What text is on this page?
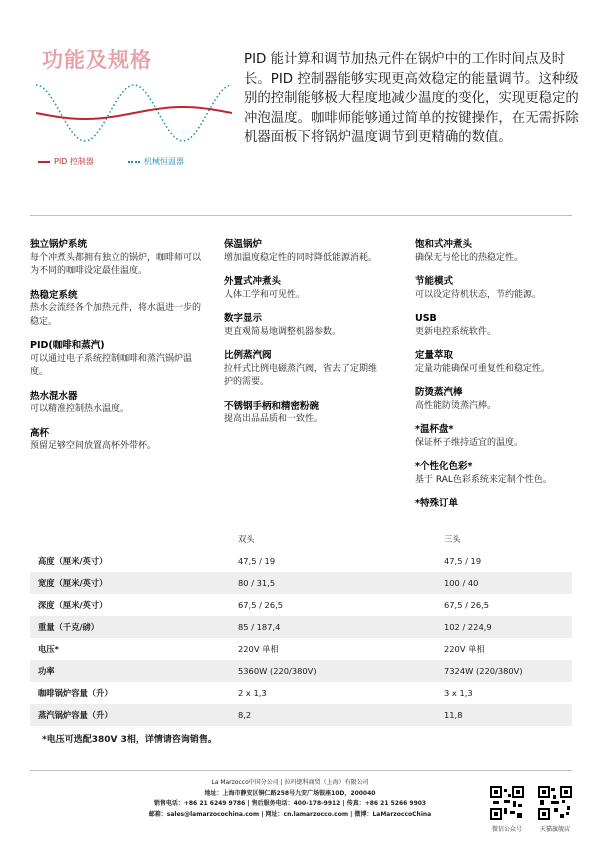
功能及规格
PID 控制器	机械恒温器
PID 能计算和调节加热元件在锅炉中的工作时间点及时长。PID 控制器能够实现更高效稳定的能量调节。这种级别的控制能够极大程度地减少温度的变化，实现更稳定的冲泡温度。咖啡师能够通过简单的按键操作，在无需拆除机器面板下将锅炉温度调节到更精确的数值。
独立锅炉系统
每个冲煮头都拥有独立的锅炉，咖啡师可以为不同的咖啡设定最佳温度。
热稳定系统
热水会流经各个加热元件，将水温进一步的稳定。
PID(咖啡和蒸汽)
可以通过电子系统控制咖啡和蒸汽锅炉温度。
热水混水器
可以精准控制热水温度。
高杯
预留足够空间放置高杯外带杯。
保温锅炉
增加温度稳定性的同时降低能源消耗。
外置式冲煮头
人体工学和可见性。
数字显示
更直观简易地调整机器参数。
比例蒸汽阀
拉杆式比例电磁蒸汽阀，省去了定期维护的需要。
不锈钢手柄和精密粉碗
提高出品品质和一致性。
饱和式冲煮头
确保无与伦比的热稳定性。
节能模式
可以设定待机状态，节约能源。
USB
更新电控系统软件。
定量萃取
定量功能确保可重复性和稳定性。
防烫蒸汽棒
高性能防烫蒸汽棒。
*温杯盘*
保证杯子维持适宜的温度。
*个性化色彩*
基于 RAL色彩系统来定制个性色。
*特殊订单
	双头	三头
高度（厘米/英寸）	47,5 / 19	47,5 / 19
宽度（厘米/英寸）	80 / 31,5	100 / 40
深度（厘米/英寸）	67,5 / 26,5	67,5 / 26,5
重量（千克/磅）	85 / 187,4	102 / 224,9
电压*	220V 单相	220V 单相
功率	5360W (220/380V)	7324W (220/380V)
咖啡锅炉容量（升）	2 x 1,3	3 x 1,3
蒸汽锅炉容量（升）	8,2	11,8
*电压可选配380V 3相，详情请咨询销售。
La Marzocco中国分公司 | 拉玛锶科商贸（上海）有限公司
地址：上海市静安区铜仁路258号九安广场银座10D，200040
销售电话：+86 21 6249 9786 | 售后服务电话：400-178-9912 | 传真：+86 21 5266 9903
邮箱：sales@lamarzocochina.com | 网址：cn.lamarzocco.com | 微博：LaMarzoccoChina
微信公众号	天猫旗舰店
